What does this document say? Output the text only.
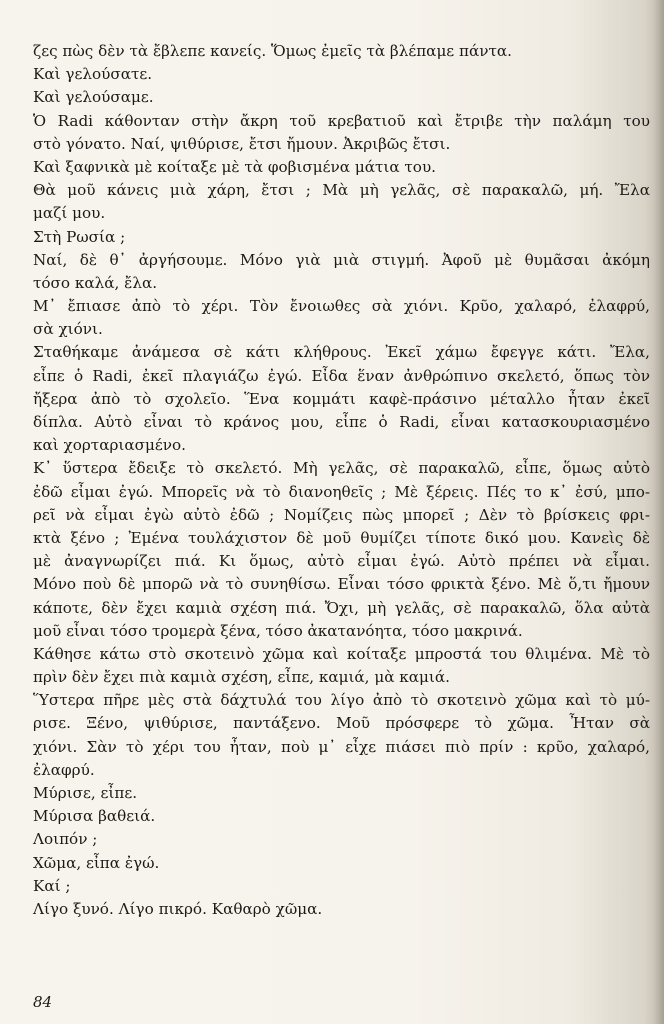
ζες πὼς δὲν τὰ ἔβλεπε κανείς. Ὅμως ἐμεῖς τὰ βλέπαμε πάντα.
Καὶ γελούσατε.
Καὶ γελούσαμε.
Ὁ Radi κάθονταν στὴν ἄκρη τοῦ κρεβατιοῦ καὶ ἔτριβε τὴν παλάμη του
στὸ γόνατο. Ναί, ψιθύρισε, ἔτσι ἤμουν. Ἀκριβῶς ἔτσι.
Καὶ ξαφνικὰ μὲ κοίταξε μὲ τὰ φοβισμένα μάτια του.
Θὰ μοῦ κάνεις μιὰ χάρη, ἔτσι ; Μὰ μὴ γελᾶς, σὲ παρακαλῶ, μή. Ἔλα
μαζί μου.
Στὴ Ρωσία ;
Ναί, δὲ θ᾽ ἀργήσουμε. Μόνο γιὰ μιὰ στιγμή. Ἀφοῦ μὲ θυμᾶσαι ἀκόμη
τόσο καλά, ἔλα.
Μ᾽ ἔπιασε ἀπὸ τὸ χέρι. Τὸν ἔνοιωθες σὰ χιόνι. Κρῦο, χαλαρό, ἐλαφρύ,
σὰ χιόνι.
Σταθήκαμε ἀνάμεσα σὲ κάτι κλήθρους. Ἐκεῖ χάμω ἔφεγγε κάτι. Ἔλα,
εἶπε ὁ Radi, ἐκεῖ πλαγιάζω ἐγώ. Εἶδα ἕναν ἀνθρώπινο σκελετό, ὅπως τὸν
ἤξερα ἀπὸ τὸ σχολεῖο. Ἕνα κομμάτι καφὲ-πράσινο μέταλλο ἦταν ἐκεῖ
δίπλα. Αὐτὸ εἶναι τὸ κράνος μου, εἶπε ὁ Radi, εἶναι κατασκουριασμένο
καὶ χορταριασμένο.
Κ᾽ ὕστερα ἔδειξε τὸ σκελετό. Μὴ γελᾶς, σὲ παρακαλῶ, εἶπε, ὅμως αὐτὸ
ἐδῶ εἶμαι ἐγώ. Μπορεῖς νὰ τὸ διανοηθεῖς ; Μὲ ξέρεις. Πές το κ᾽ ἐσύ, μπο-
ρεῖ νὰ εἶμαι ἐγὼ αὐτὸ ἐδῶ ; Νομίζεις πὼς μπορεῖ ; Δὲν τὸ βρίσκεις φρι-
κτὰ ξένο ; Ἐμένα τουλάχιστον δὲ μοῦ θυμίζει τίποτε δικό μου. Κανεὶς δὲ
μὲ ἀναγνωρίζει πιά. Κι ὅμως, αὐτὸ εἶμαι ἐγώ. Αὐτὸ πρέπει νὰ εἶμαι.
Μόνο ποὺ δὲ μπορῶ νὰ τὸ συνηθίσω. Εἶναι τόσο φρικτὰ ξένο. Μὲ ὅ,τι ἤμουν
κάποτε, δὲν ἔχει καμιὰ σχέση πιά. Ὄχι, μὴ γελᾶς, σὲ παρακαλῶ, ὅλα αὐτὰ
μοῦ εἶναι τόσο τρομερὰ ξένα, τόσο ἀκατανόητα, τόσο μακρινά.
Κάθησε κάτω στὸ σκοτεινὸ χῶμα καὶ κοίταξε μπροστά του θλιμένα. Μὲ τὸ
πρὶν δὲν ἔχει πιὰ καμιὰ σχέση, εἶπε, καμιά, μὰ καμιά.
Ὕστερα πῆρε μὲς στὰ δάχτυλά του λίγο ἀπὸ τὸ σκοτεινὸ χῶμα καὶ τὸ μύ-
ρισε. Ξένο, ψιθύρισε, παντάξενο. Μοῦ πρόσφερε τὸ χῶμα. Ἦταν σὰ
χιόνι. Σὰν τὸ χέρι του ἦταν, ποὺ μ᾽ εἶχε πιάσει πιὸ πρίν : κρῦο, χαλαρό,
ἐλαφρύ.
Μύρισε, εἶπε.
Μύρισα βαθειά.
Λοιπόν ;
Χῶμα, εἶπα ἐγώ.
Καί ;
Λίγο ξυνό. Λίγο πικρό. Καθαρὸ χῶμα.
84
